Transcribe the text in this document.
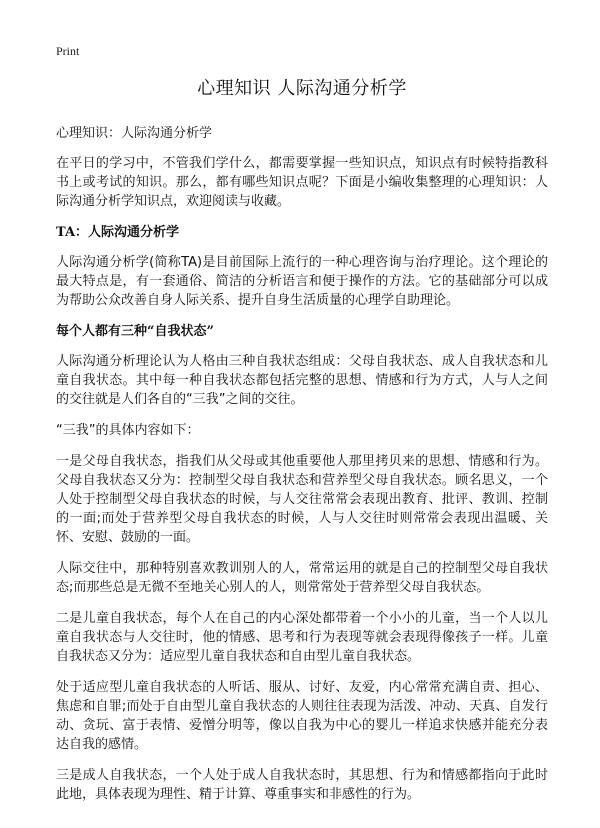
Print
心理知识 人际沟通分析学
心理知识：人际沟通分析学

在平日的学习中，不管我们学什么，都需要掌握一些知识点，知识点有时候特指教科书上或考试的知识。那么，都有哪些知识点呢？下面是小编收集整理的心理知识：人际沟通分析学知识点，欢迎阅读与收藏。

TA：人际沟通分析学

人际沟通分析学(简称TA)是目前国际上流行的一种心理咨询与治疗理论。这个理论的最大特点是，有一套通俗、简洁的分析语言和便于操作的方法。它的基础部分可以成为帮助公众改善自身人际关系、提升自身生活质量的心理学自助理论。

每个人都有三种“自我状态”

人际沟通分析理论认为人格由三种自我状态组成：父母自我状态、成人自我状态和儿童自我状态。其中每一种自我状态都包括完整的思想、情感和行为方式，人与人之间的交往就是人们各自的“三我”之间的交往。

“三我”的具体内容如下：

一是父母自我状态，指我们从父母或其他重要他人那里拷贝来的思想、情感和行为。父母自我状态又分为：控制型父母自我状态和营养型父母自我状态。顾名思义，一个人处于控制型父母自我状态的时候，与人交往常常会表现出教育、批评、教训、控制的一面;而处于营养型父母自我状态的时候，人与人交往时则常常会表现出温暖、关怀、安慰、鼓励的一面。

人际交往中，那种特别喜欢教训别人的人，常常运用的就是自己的控制型父母自我状态;而那些总是无微不至地关心别人的人，则常常处于营养型父母自我状态。

二是儿童自我状态，每个人在自己的内心深处都带着一个小小的儿童，当一个人以儿童自我状态与人交往时，他的情感、思考和行为表现等就会表现得像孩子一样。儿童自我状态又分为：适应型儿童自我状态和自由型儿童自我状态。

处于适应型儿童自我状态的人听话、服从、讨好、友爱，内心常常充满自责、担心、焦虑和自罪;而处于自由型儿童自我状态的人则往往表现为活泼、冲动、天真、自发行动、贪玩、富于表情、爱憎分明等，像以自我为中心的婴儿一样追求快感并能充分表达自我的感情。

三是成人自我状态，一个人处于成人自我状态时，其思想、行为和情感都指向于此时此地，具体表现为理性、精于计算、尊重事实和非感性的行为。
